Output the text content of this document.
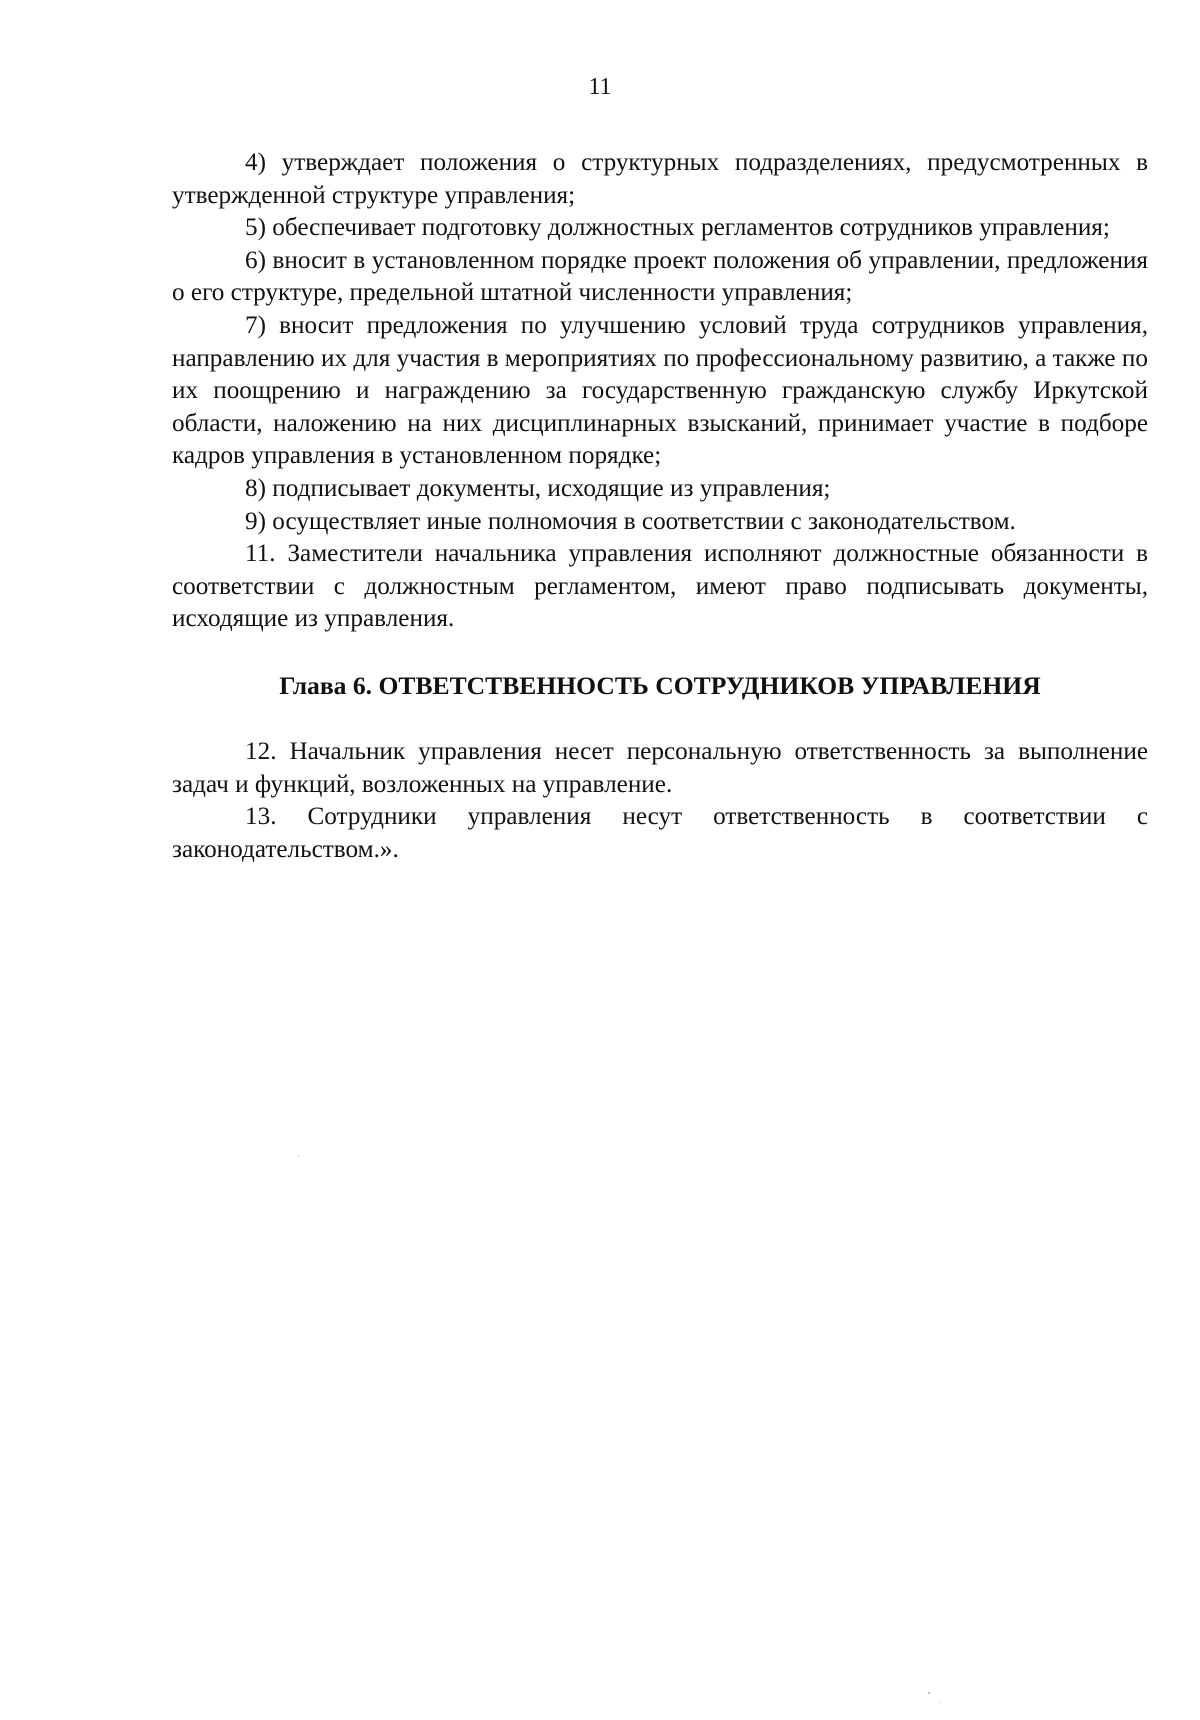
11

4) утверждает положения о структурных подразделениях, предусмотренных в утвержденной структуре управления;

5) обеспечивает подготовку должностных регламентов сотрудников управления;

6) вносит в установленном порядке проект положения об управлении, предложения о его структуре, предельной штатной численности управления;

7) вносит предложения по улучшению условий труда сотрудников управления, направлению их для участия в мероприятиях по профессиональному развитию, а также по их поощрению и награждению за государственную гражданскую службу Иркутской области, наложению на них дисциплинарных взысканий, принимает участие в подборе кадров управления в установленном порядке;

8) подписывает документы, исходящие из управления;

9) осуществляет иные полномочия в соответствии с законодательством.

11. Заместители начальника управления исполняют должностные обязанности в соответствии с должностным регламентом, имеют право подписывать документы, исходящие из управления.

Глава 6. ОТВЕТСТВЕННОСТЬ СОТРУДНИКОВ УПРАВЛЕНИЯ

12. Начальник управления несет персональную ответственность за выполнение задач и функций, возложенных на управление.

13. Сотрудники управления несут ответственность в соответствии с законодательством.».
